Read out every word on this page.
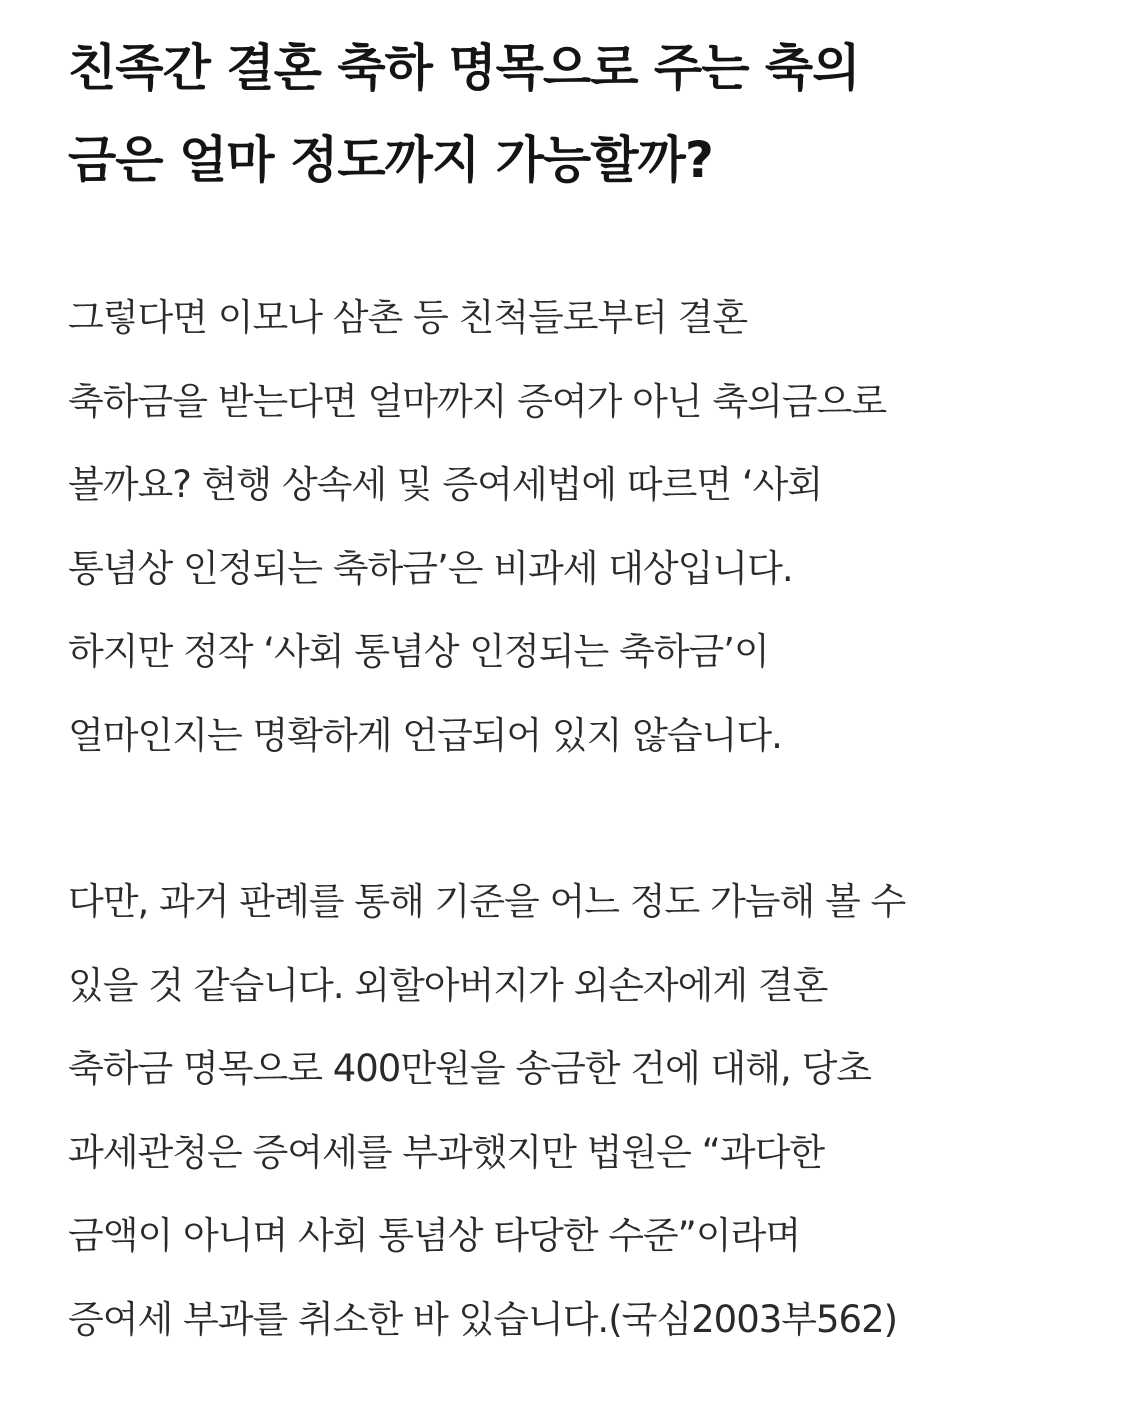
친족간 결혼 축하 명목으로 주는 축의
금은 얼마 정도까지 가능할까?

그렇다면 이모나 삼촌 등 친척들로부터 결혼
축하금을 받는다면 얼마까지 증여가 아닌 축의금으로
볼까요? 현행 상속세 및 증여세법에 따르면 ‘사회
통념상 인정되는 축하금’은 비과세 대상입니다.
하지만 정작 ‘사회 통념상 인정되는 축하금’이
얼마인지는 명확하게 언급되어 있지 않습니다.

다만, 과거 판례를 통해 기준을 어느 정도 가늠해 볼 수
있을 것 같습니다. 외할아버지가 외손자에게 결혼
축하금 명목으로 400만원을 송금한 건에 대해, 당초
과세관청은 증여세를 부과했지만 법원은 “과다한
금액이 아니며 사회 통념상 타당한 수준”이라며
증여세 부과를 취소한 바 있습니다.(국심2003부562)
